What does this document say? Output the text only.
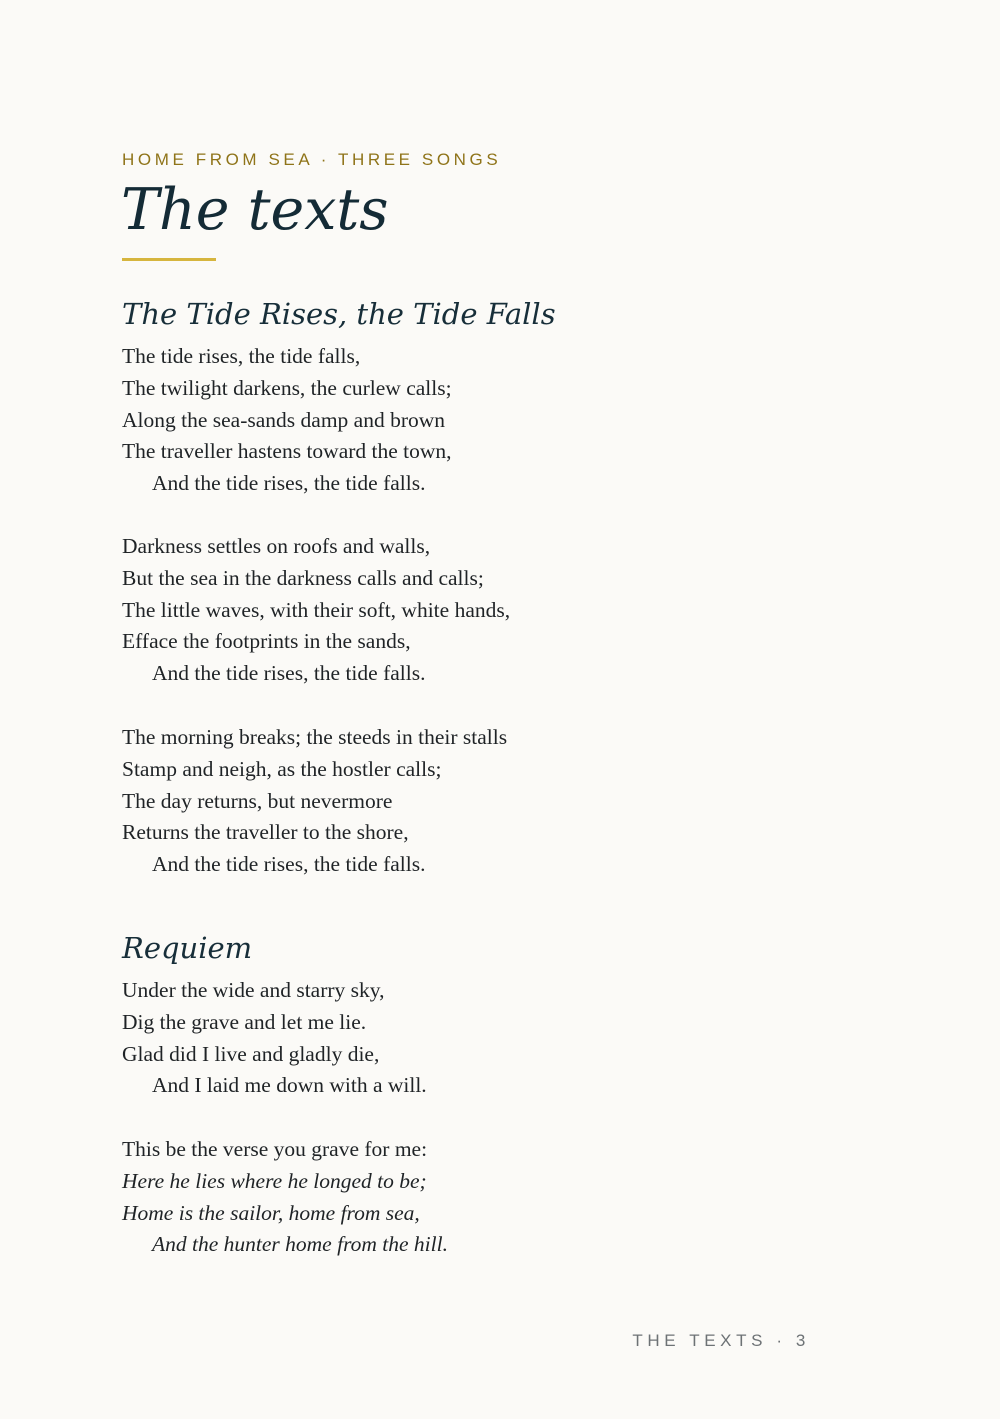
HOME FROM SEA · THREE SONGS
The texts
The Tide Rises, the Tide Falls

The tide rises, the tide falls,
The twilight darkens, the curlew calls;
Along the sea-sands damp and brown
The traveller hastens toward the town,
And the tide rises, the tide falls.

Darkness settles on roofs and walls,
But the sea in the darkness calls and calls;
The little waves, with their soft, white hands,
Efface the footprints in the sands,
And the tide rises, the tide falls.

The morning breaks; the steeds in their stalls
Stamp and neigh, as the hostler calls;
The day returns, but nevermore
Returns the traveller to the shore,
And the tide rises, the tide falls.

Requiem

Under the wide and starry sky,
Dig the grave and let me lie.
Glad did I live and gladly die,
And I laid me down with a will.

This be the verse you grave for me:
Here he lies where he longed to be;
Home is the sailor, home from sea,
And the hunter home from the hill.

THE TEXTS · 3
